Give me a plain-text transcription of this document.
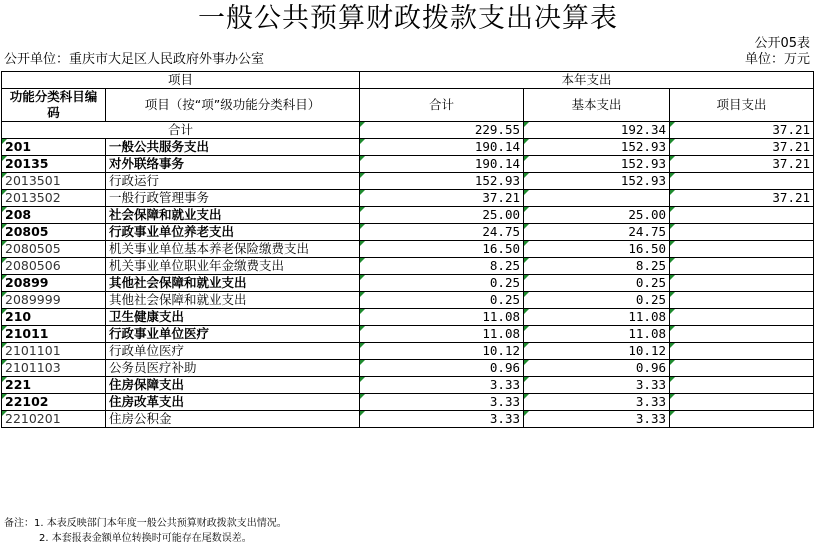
一般公共预算财政拨款支出决算表
公开05表
公开单位：重庆市大足区人民政府外事办公室	单位：万元
项目		本年支出		
功能分类科目编码	项目（按“项”级功能分类科目）	合计	基本支出	项目支出
合计		229.55	192.34	37.21
201	一般公共服务支出	190.14	152.93	37.21
20135	对外联络事务	190.14	152.93	37.21
2013501	行政运行	152.93	152.93	
2013502	一般行政管理事务	37.21		37.21
208	社会保障和就业支出	25.00	25.00	
20805	行政事业单位养老支出	24.75	24.75	
2080505	机关事业单位基本养老保险缴费支出	16.50	16.50	
2080506	机关事业单位职业年金缴费支出	8.25	8.25	
20899	其他社会保障和就业支出	0.25	0.25	
2089999	其他社会保障和就业支出	0.25	0.25	
210	卫生健康支出	11.08	11.08	
21011	行政事业单位医疗	11.08	11.08	
2101101	行政单位医疗	10.12	10.12	
2101103	公务员医疗补助	0.96	0.96	
221	住房保障支出	3.33	3.33	
22102	住房改革支出	3.33	3.33	
2210201	住房公积金	3.33	3.33	
备注：1. 本表反映部门本年度一般公共预算财政拨款支出情况。
2. 本套报表金额单位转换时可能存在尾数误差。
